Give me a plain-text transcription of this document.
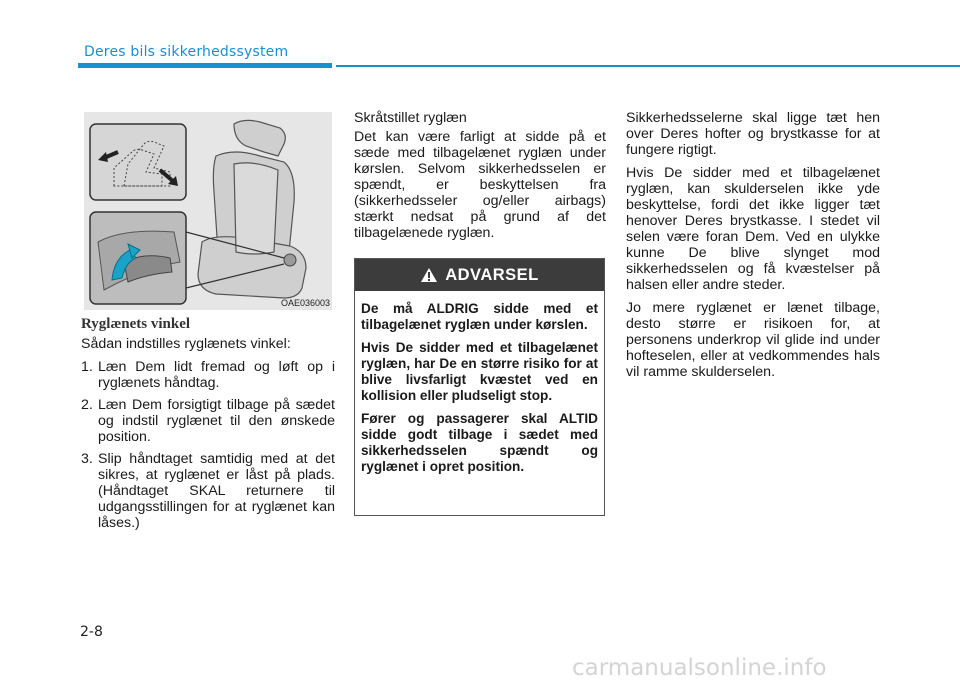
Deres bils sikkerhedssystem
OAE036003
Ryglænets vinkel

Sådan indstilles ryglænets vinkel:

1. Læn Dem lidt fremad og løft op i ryglænets håndtag.
2. Læn Dem forsigtigt tilbage på sædet og indstil ryglænet til den ønskede position.
3. Slip håndtaget samtidig med at det sikres, at ryglænet er låst på plads. (Håndtaget SKAL returnere til udgangsstillingen for at ryglænet kan låses.)

Skråtstillet ryglæn

Det kan være farligt at sidde på et sæde med tilbagelænet ryglæn under kørslen. Selvom sikkerhedsselen er spændt, er beskyttelsen fra (sikkerhedsseler og/eller airbags) stærkt nedsat på grund af det tilbagelænede ryglæn.

ADVARSEL

De må ALDRIG sidde med et tilbagelænet ryglæn under kørslen.

Hvis De sidder med et tilbagelænet ryglæn, har De en større risiko for at blive livsfarligt kvæstet ved en kollision eller pludseligt stop.

Fører og passagerer skal ALTID sidde godt tilbage i sædet med sikkerhedsselen spændt og ryglænet i opret position.

Sikkerhedsselerne skal ligge tæt hen over Deres hofter og brystkasse for at fungere rigtigt.

Hvis De sidder med et tilbagelænet ryglæn, kan skulderselen ikke yde beskyttelse, fordi det ikke ligger tæt henover Deres brystkasse. I stedet vil selen være foran Dem. Ved en ulykke kunne De blive slynget mod sikkerhedsselen og få kvæstelser på halsen eller andre steder.

Jo mere ryglænet er lænet tilbage, desto større er risikoen for, at personens underkrop vil glide ind under hofteselen, eller at vedkommendes hals vil ramme skulderselen.

2-8
carmanualsonline.info
